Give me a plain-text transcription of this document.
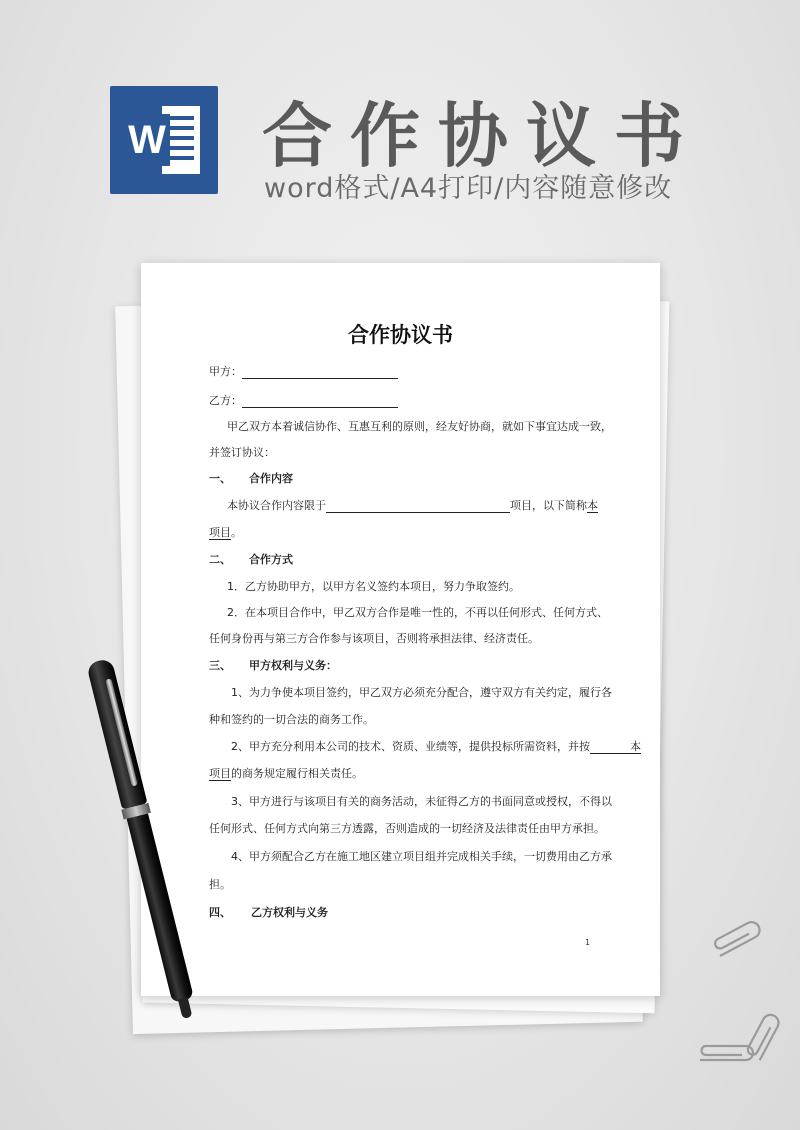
W 合作协议书
word格式/A4打印/内容随意修改
合作协议书
甲方：
乙方：
甲乙双方本着诚信协作、互惠互利的原则，经友好协商，就如下事宜达成一致，
并签订协议：
一、 合作内容
本协议合作内容限于	项目，以下简称本
项目。
二、 合作方式
1．乙方协助甲方，以甲方名义签约本项目，努力争取签约。
2．在本项目合作中，甲乙双方合作是唯一性的，不再以任何形式、任何方式、
任何身份再与第三方合作参与该项目，否则将承担法律、经济责任。
三、 甲方权利与义务：
1、为力争使本项目签约，甲乙双方必须充分配合，遵守双方有关约定，履行各
种和签约的一切合法的商务工作。
2、甲方充分利用本公司的技术、资质、业绩等，提供投标所需资料，并按	本
项目的商务规定履行相关责任。
3、甲方进行与该项目有关的商务活动，未征得乙方的书面同意或授权，不得以
任何形式、任何方式向第三方透露，否则造成的一切经济及法律责任由甲方承担。
4、甲方须配合乙方在施工地区建立项目组并完成相关手续，一切费用由乙方承
担。
四、 乙方权利与义务
1
